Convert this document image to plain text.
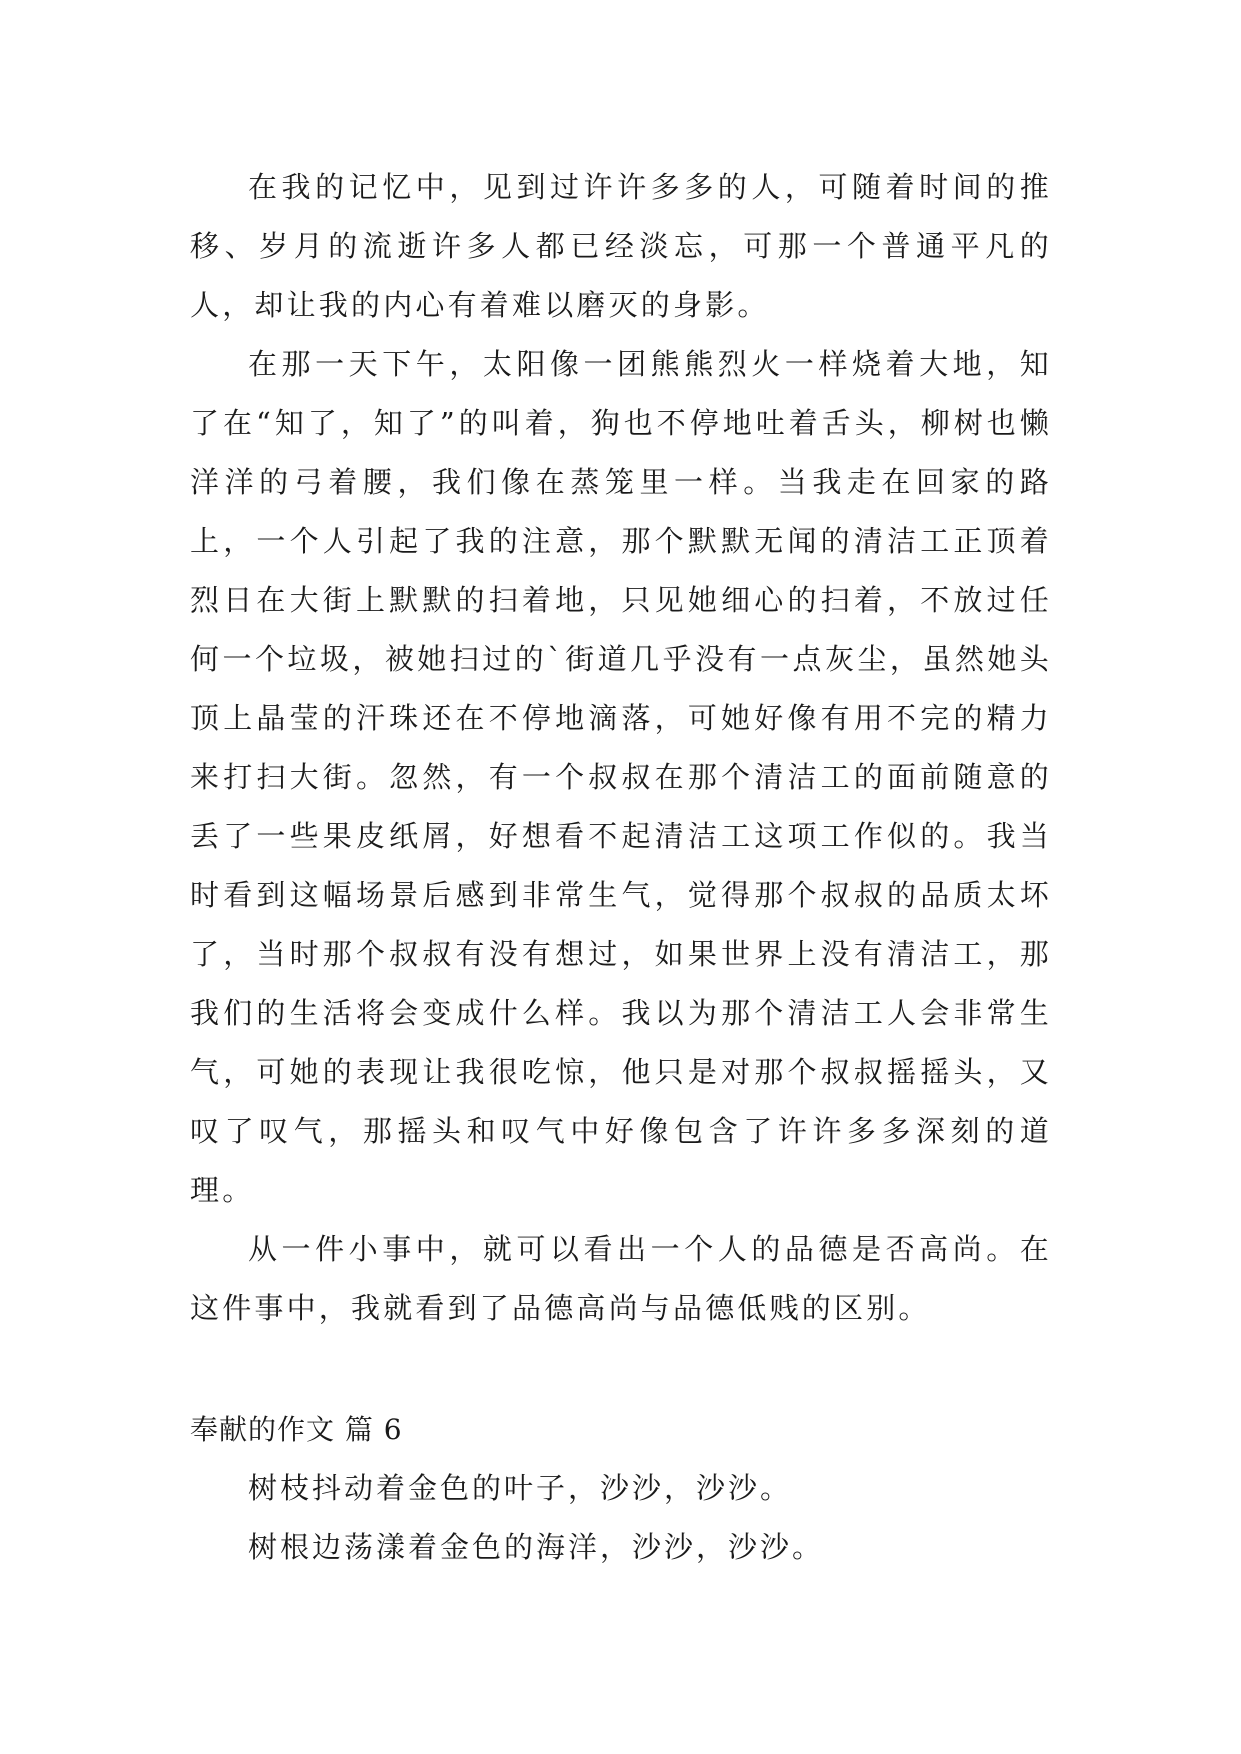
在我的记忆中，见到过许许多多的人，可随着时间的推移、岁月的流逝许多人都已经淡忘，可那一个普通平凡的人，却让我的内心有着难以磨灭的身影。

在那一天下午，太阳像一团熊熊烈火一样烧着大地，知了在“知了，知了”的叫着，狗也不停地吐着舌头，柳树也懒洋洋的弓着腰，我们像在蒸笼里一样。当我走在回家的路上，一个人引起了我的注意，那个默默无闻的清洁工正顶着烈日在大街上默默的扫着地，只见她细心的扫着，不放过任何一个垃圾，被她扫过的`街道几乎没有一点灰尘，虽然她头顶上晶莹的汗珠还在不停地滴落，可她好像有用不完的精力来打扫大街。忽然，有一个叔叔在那个清洁工的面前随意的丢了一些果皮纸屑，好想看不起清洁工这项工作似的。我当时看到这幅场景后感到非常生气，觉得那个叔叔的品质太坏了，当时那个叔叔有没有想过，如果世界上没有清洁工，那我们的生活将会变成什么样。我以为那个清洁工人会非常生气，可她的表现让我很吃惊，他只是对那个叔叔摇摇头，又叹了叹气，那摇头和叹气中好像包含了许许多多深刻的道理。

从一件小事中，就可以看出一个人的品德是否高尚。在这件事中，我就看到了品德高尚与品德低贱的区别。

奉献的作文 篇 6

树枝抖动着金色的叶子，沙沙，沙沙。

树根边荡漾着金色的海洋，沙沙，沙沙。
